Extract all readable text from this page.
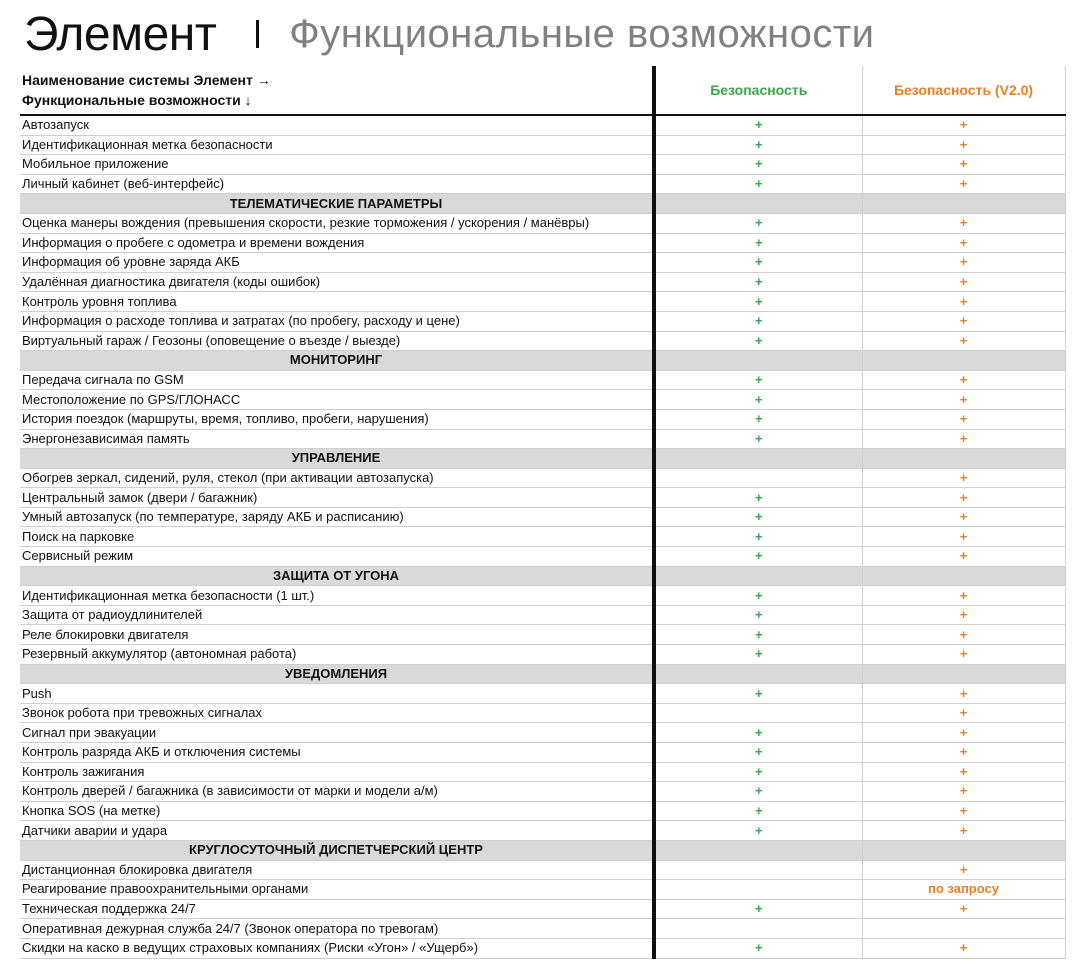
Элемент Функциональные возможности
Наименование системы Элемент →
Функциональные возможности ↓	Безопасность	Безопасность (V2.0)
Автозапуск	+	+
Идентификационная метка безопасности	+	+
Мобильное приложение	+	+
Личный кабинет (веб-интерфейс)	+	+
ТЕЛЕМАТИЧЕСКИЕ ПАРАМЕТРЫ		
Оценка манеры вождения (превышения скорости, резкие торможения / ускорения / манёвры)	+	+
Информация о пробеге с одометра и времени вождения	+	+
Информация об уровне заряда АКБ	+	+
Удалённая диагностика двигателя (коды ошибок)	+	+
Контроль уровня топлива	+	+
Информация о расходе топлива и затратах (по пробегу, расходу и цене)	+	+
Виртуальный гараж / Геозоны (оповещение о въезде / выезде)	+	+
МОНИТОРИНГ		
Передача сигнала по GSM	+	+
Местоположение по GPS/ГЛОНАСС	+	+
История поездок (маршруты, время, топливо, пробеги, нарушения)	+	+
Энергонезависимая память	+	+
УПРАВЛЕНИЕ		
Обогрев зеркал, сидений, руля, стекол (при активации автозапуска)		+
Центральный замок (двери / багажник)	+	+
Умный автозапуск (по температуре, заряду АКБ и расписанию)	+	+
Поиск на парковке	+	+
Сервисный режим	+	+
ЗАЩИТА ОТ УГОНА		
Идентификационная метка безопасности (1 шт.)	+	+
Защита от радиоудлинителей	+	+
Реле блокировки двигателя	+	+
Резервный аккумулятор (автономная работа)	+	+
УВЕДОМЛЕНИЯ		
Push	+	+
Звонок робота при тревожных сигналах		+
Сигнал при эвакуации	+	+
Контроль разряда АКБ и отключения системы	+	+
Контроль зажигания	+	+
Контроль дверей / багажника (в зависимости от марки и модели а/м)	+	+
Кнопка SOS (на метке)	+	+
Датчики аварии и удара	+	+
КРУГЛОСУТОЧНЫЙ ДИСПЕТЧЕРСКИЙ ЦЕНТР		
Дистанционная блокировка двигателя		+
Реагирование правоохранительными органами		по запросу
Техническая поддержка 24/7	+	+
Оперативная дежурная служба 24/7 (Звонок оператора по тревогам)		
Скидки на каско в ведущих страховых компаниях (Риски «Угон» / «Ущерб»)	+	+
